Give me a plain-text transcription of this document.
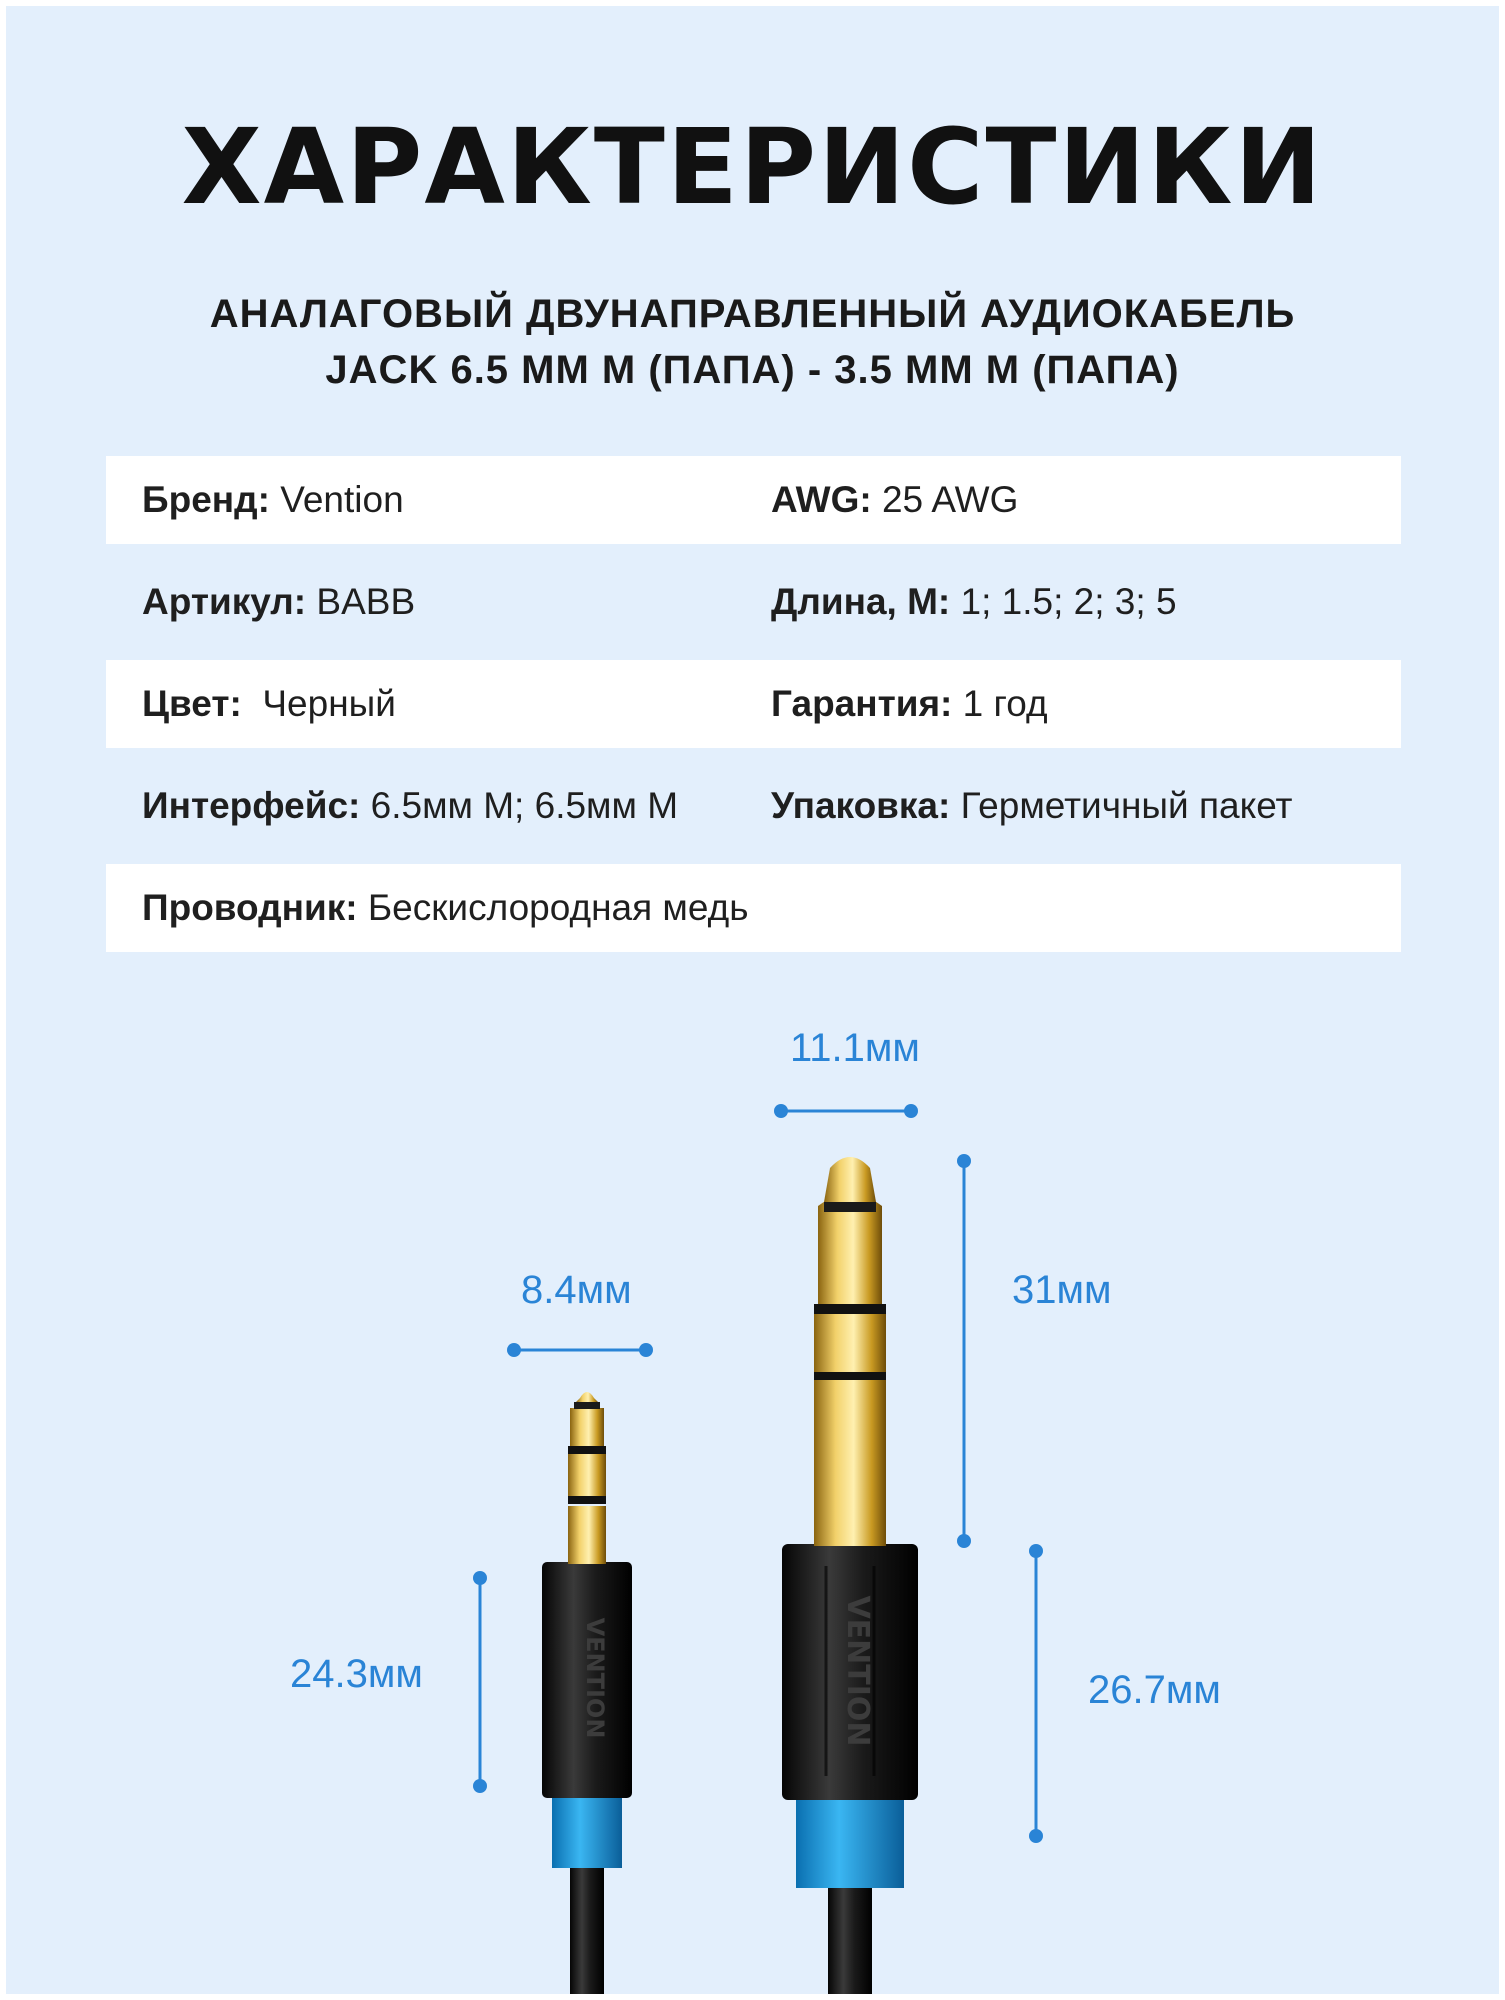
ХАРАКТЕРИСТИКИ
АНАЛАГОВЫЙ ДВУНАПРАВЛЕННЫЙ АУДИОКАБЕЛЬ
JACK 6.5 MM M (ПАПА) - 3.5 MM M (ПАПА)
Бренд: Vention	AWG: 25 AWG
Артикул: BABB	Длина, М: 1; 1.5; 2; 3; 5
Цвет:  Черный	Гарантия: 1 год
Интерфейс: 6.5мм М; 6.5мм М	Упаковка: Герметичный пакет
Проводник: Бескислородная медь
VENTION
VENTION
11.1мм
31мм
26.7мм
8.4мм
24.3мм
